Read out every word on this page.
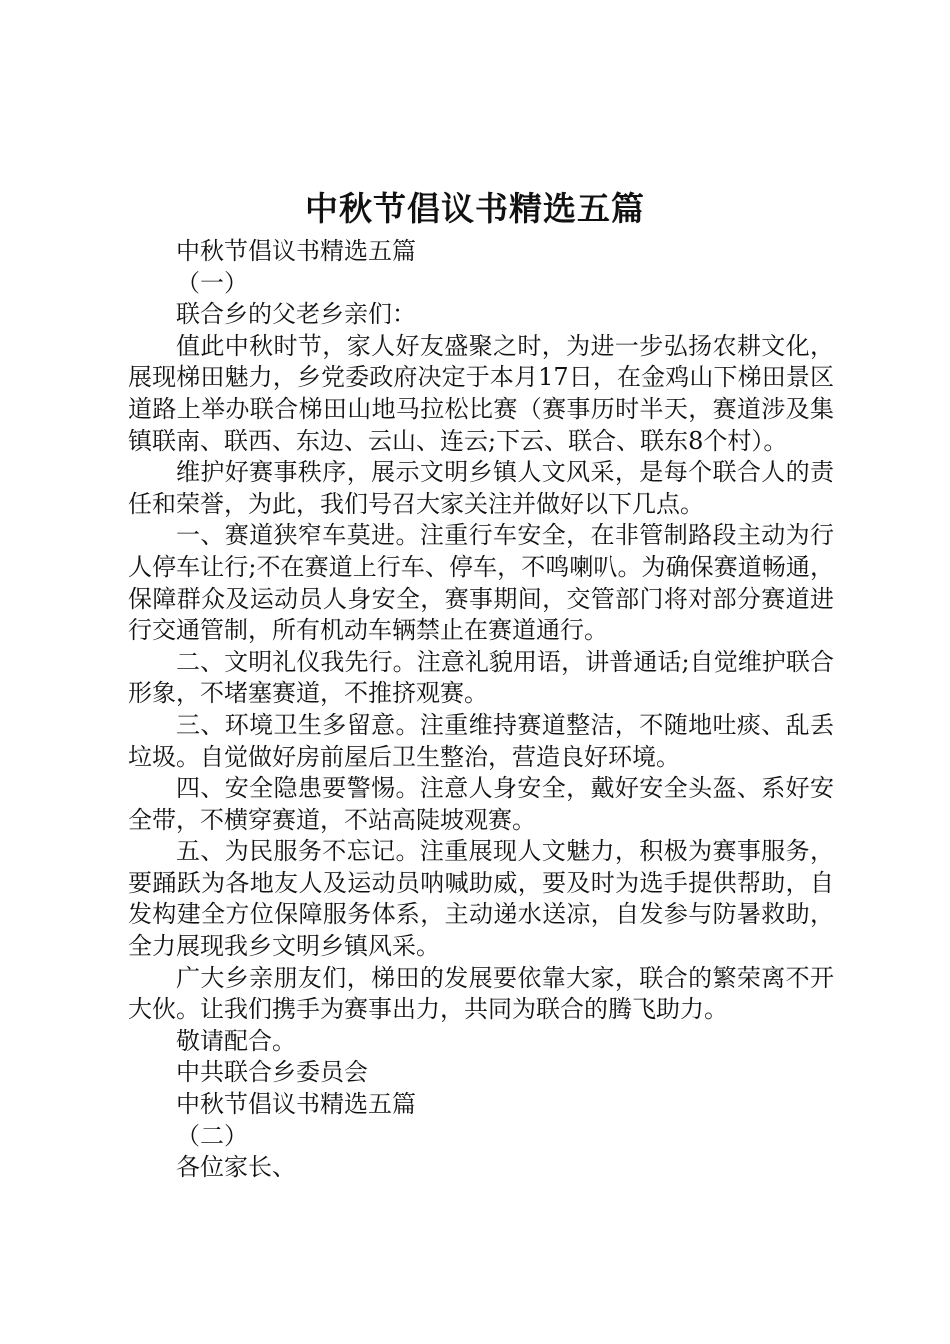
中秋节倡议书精选五篇

中秋节倡议书精选五篇

（一）

联合乡的父老乡亲们：

值此中秋时节，家人好友盛聚之时，为进一步弘扬农耕文化，展现梯田魅力，乡党委政府决定于本月17日，在金鸡山下梯田景区道路上举办联合梯田山地马拉松比赛（赛事历时半天，赛道涉及集镇联南、联西、东边、云山、连云;下云、联合、联东8个村）。

维护好赛事秩序，展示文明乡镇人文风采，是每个联合人的责任和荣誉，为此，我们号召大家关注并做好以下几点。

一、赛道狭窄车莫进。注重行车安全，在非管制路段主动为行人停车让行;不在赛道上行车、停车，不鸣喇叭。为确保赛道畅通，保障群众及运动员人身安全，赛事期间，交管部门将对部分赛道进行交通管制，所有机动车辆禁止在赛道通行。

二、文明礼仪我先行。注意礼貌用语，讲普通话;自觉维护联合形象，不堵塞赛道，不推挤观赛。

三、环境卫生多留意。注重维持赛道整洁，不随地吐痰、乱丢垃圾。自觉做好房前屋后卫生整治，营造良好环境。

四、安全隐患要警惕。注意人身安全，戴好安全头盔、系好安全带，不横穿赛道，不站高陡坡观赛。

五、为民服务不忘记。注重展现人文魅力，积极为赛事服务，要踊跃为各地友人及运动员呐喊助威，要及时为选手提供帮助，自发构建全方位保障服务体系，主动递水送凉，自发参与防暑救助，全力展现我乡文明乡镇风采。

广大乡亲朋友们，梯田的发展要依靠大家，联合的繁荣离不开大伙。让我们携手为赛事出力，共同为联合的腾飞助力。

敬请配合。

中共联合乡委员会

中秋节倡议书精选五篇

（二）

各位家长、
